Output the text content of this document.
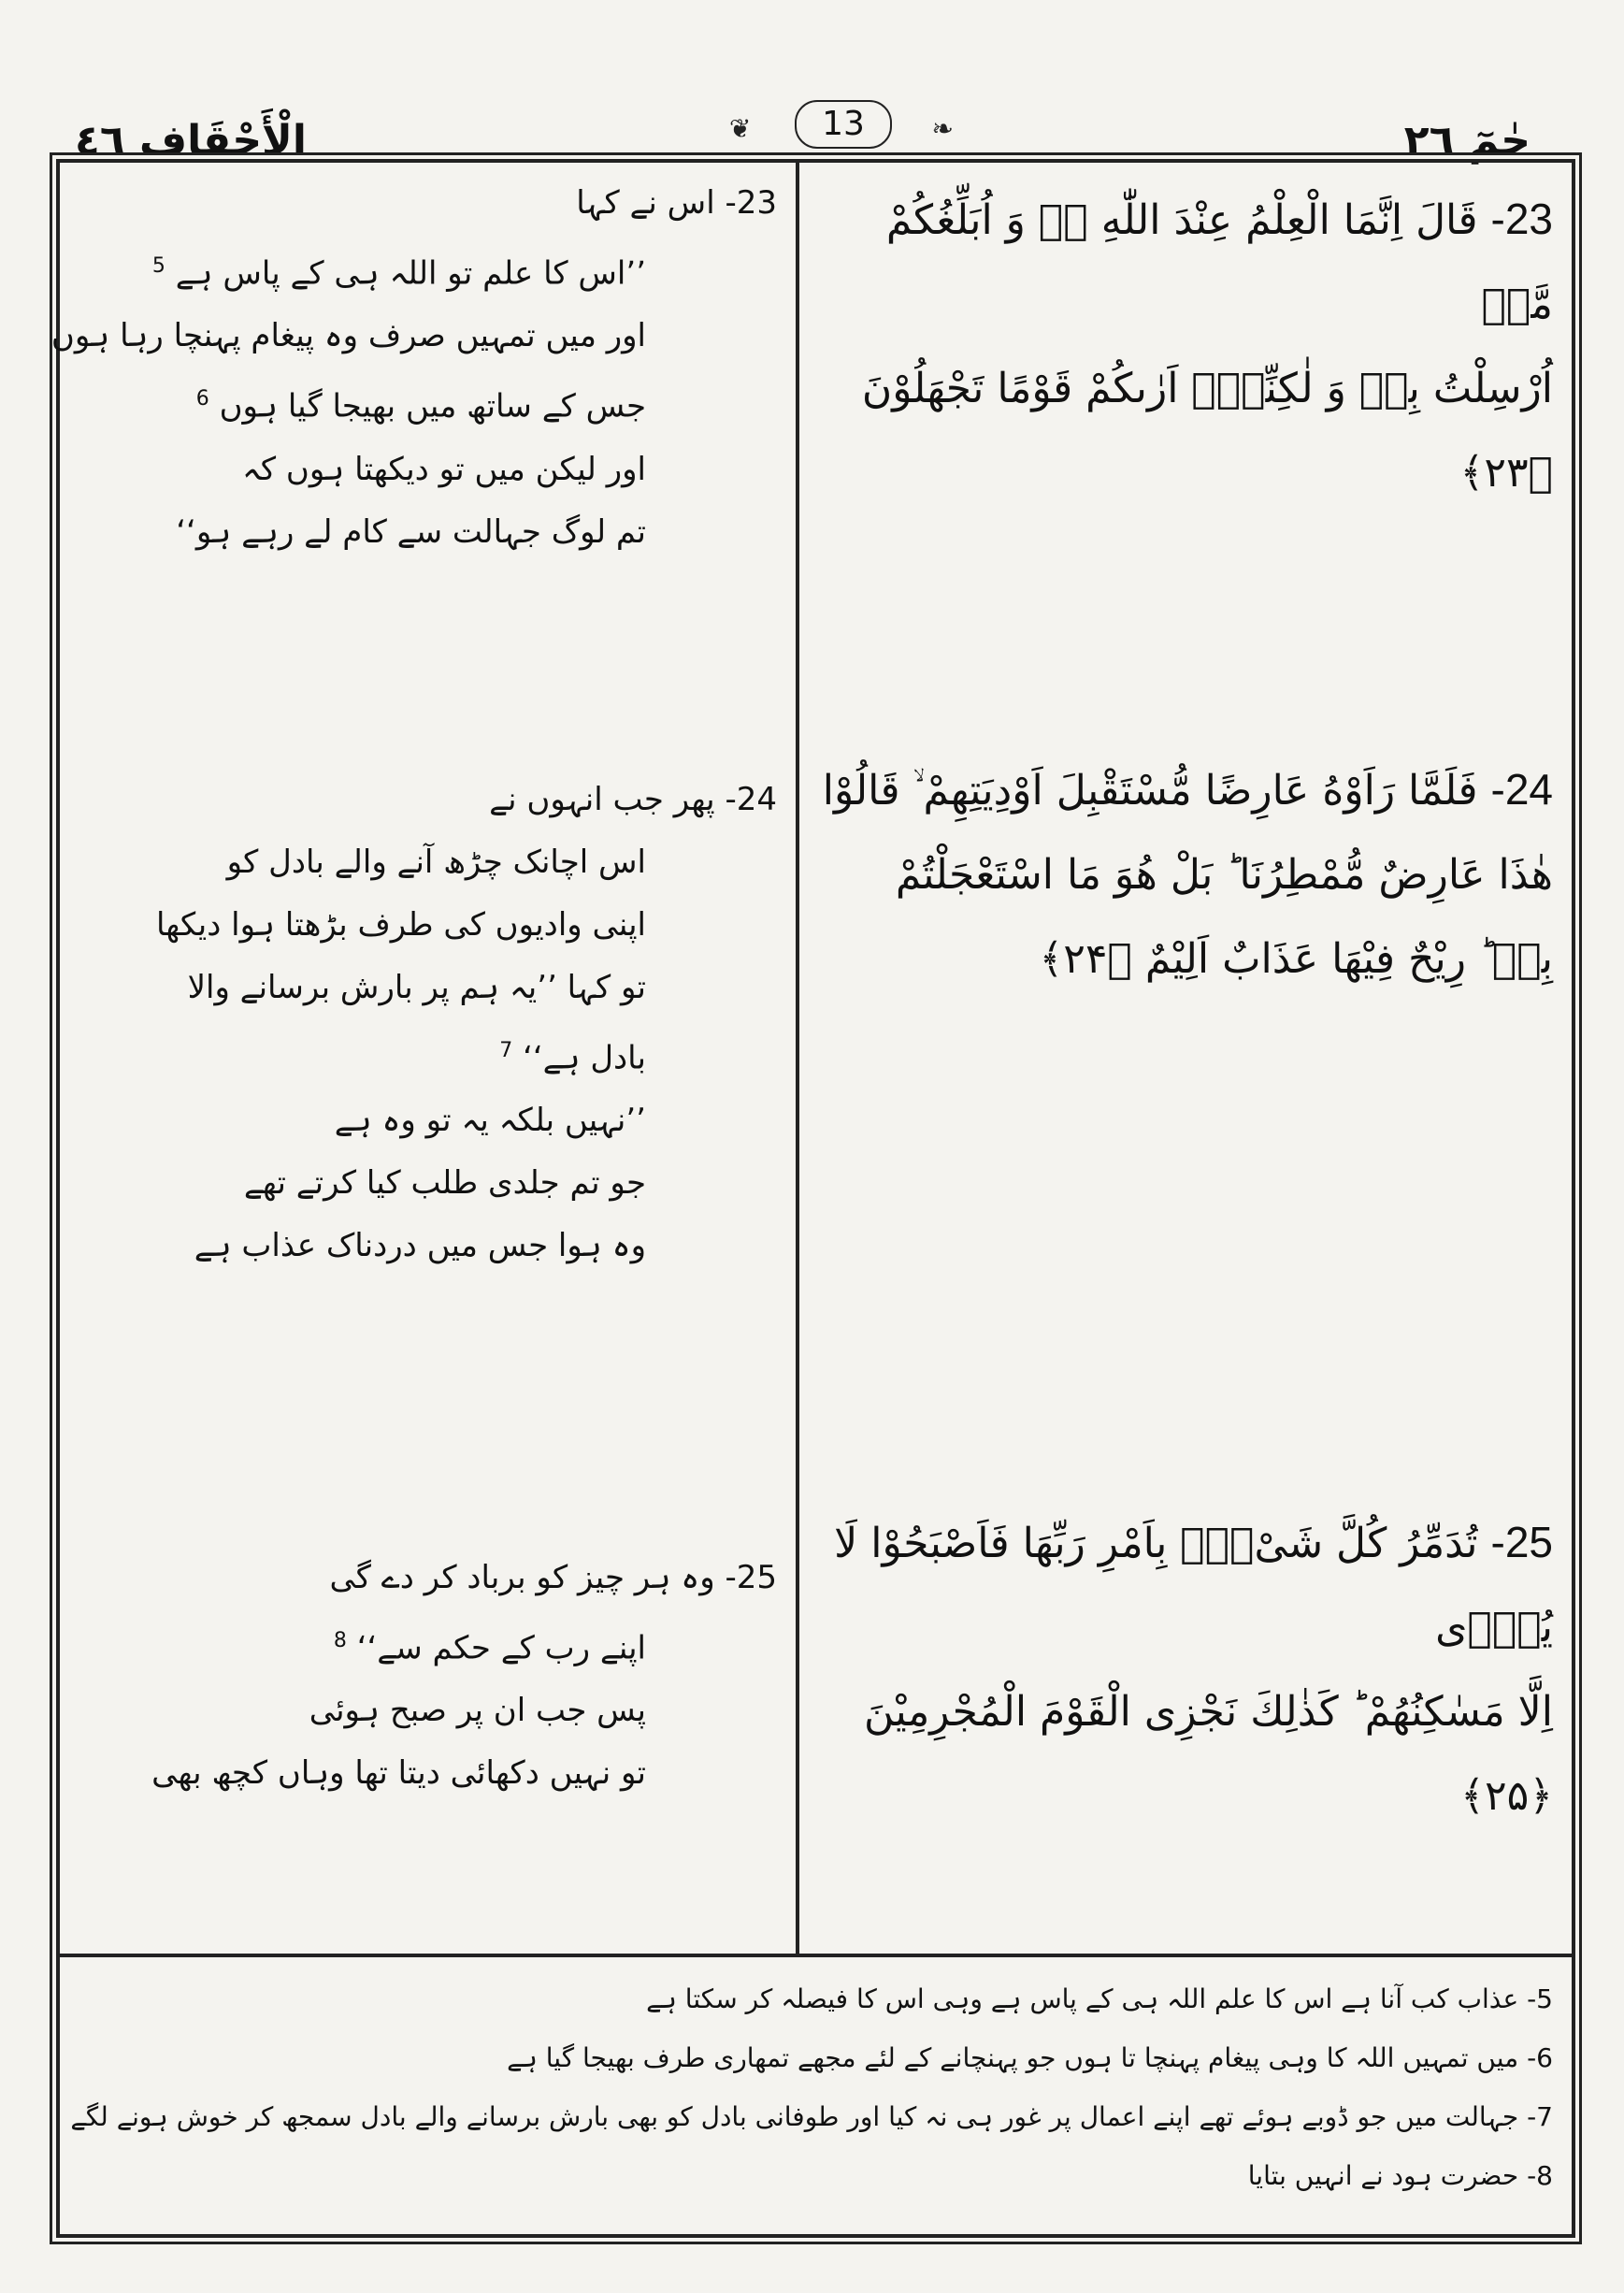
الْأَحْقَاف ٤٦	❦	13	❧	حٰمٓ ٢٦
23- قَالَ اِنَّمَا الْعِلْمُ عِنْدَ اللّٰهِ ۫ۖ وَ اُبَلِّغُكُمْ مَّاۤ
اُرْسِلْتُ بِهٖ وَ لٰكِنِّیْۤ اَرٰىكُمْ قَوْمًا تَجْهَلُوْنَ ﴿۲۳﴾
24- فَلَمَّا رَاَوْهُ عَارِضًا مُّسْتَقْبِلَ اَوْدِیَتِهِمْ ۙ قَالُوْا
هٰذَا عَارِضٌ مُّمْطِرُنَا ؕ بَلْ هُوَ مَا اسْتَعْجَلْتُمْ
بِهٖ ؕ رِیْحٌ فِیْهَا عَذَابٌ اَلِیْمٌ ﴿۲۴﴾
25- تُدَمِّرُ كُلَّ شَیْءٍۭ بِاَمْرِ رَبِّهَا فَاَصْبَحُوْا لَا یُرٰۤى
اِلَّا مَسٰكِنُهُمْ ؕ كَذٰلِكَ نَجْزِی الْقَوْمَ الْمُجْرِمِیْنَ ﴿۲۵﴾
23- اس نے کہا
’’اس کا علم تو اللہ ہی کے پاس ہے $^5$
اور میں تمہیں صرف وہ پیغام پہنچا رہا ہوں
جس کے ساتھ میں بھیجا گیا ہوں $^6$
اور لیکن میں تو دیکھتا ہوں کہ
تم لوگ جہالت سے کام لے رہے ہو‘‘
24- پھر جب انہوں نے
اس اچانک چڑھ آنے والے بادل کو
اپنی وادیوں کی طرف بڑھتا ہوا دیکھا
تو کہا ’’یہ ہم پر بارش برسانے والا
بادل ہے‘‘ $^7$
’’نہیں بلکہ یہ تو وہ ہے
جو تم جلدی طلب کیا کرتے تھے
وہ ہوا جس میں دردناک عذاب ہے
25- وہ ہر چیز کو برباد کر دے گی
اپنے رب کے حکم سے‘‘ $^8$
پس جب ان پر صبح ہوئی
تو نہیں دکھائی دیتا تھا وہاں کچھ بھی
5- عذاب کب آنا ہے اس کا علم اللہ ہی کے پاس ہے وہی اس کا فیصلہ کر سکتا ہے
6- میں تمہیں اللہ کا وہی پیغام پہنچا تا ہوں جو پہنچانے کے لئے مجھے تمھاری طرف بھیجا گیا ہے
7- جہالت میں جو ڈوبے ہوئے تھے اپنے اعمال پر غور ہی نہ کیا اور طوفانی بادل کو بھی بارش برسانے والے بادل سمجھ کر خوش ہونے لگے
8- حضرت ہود نے انہیں بتایا
